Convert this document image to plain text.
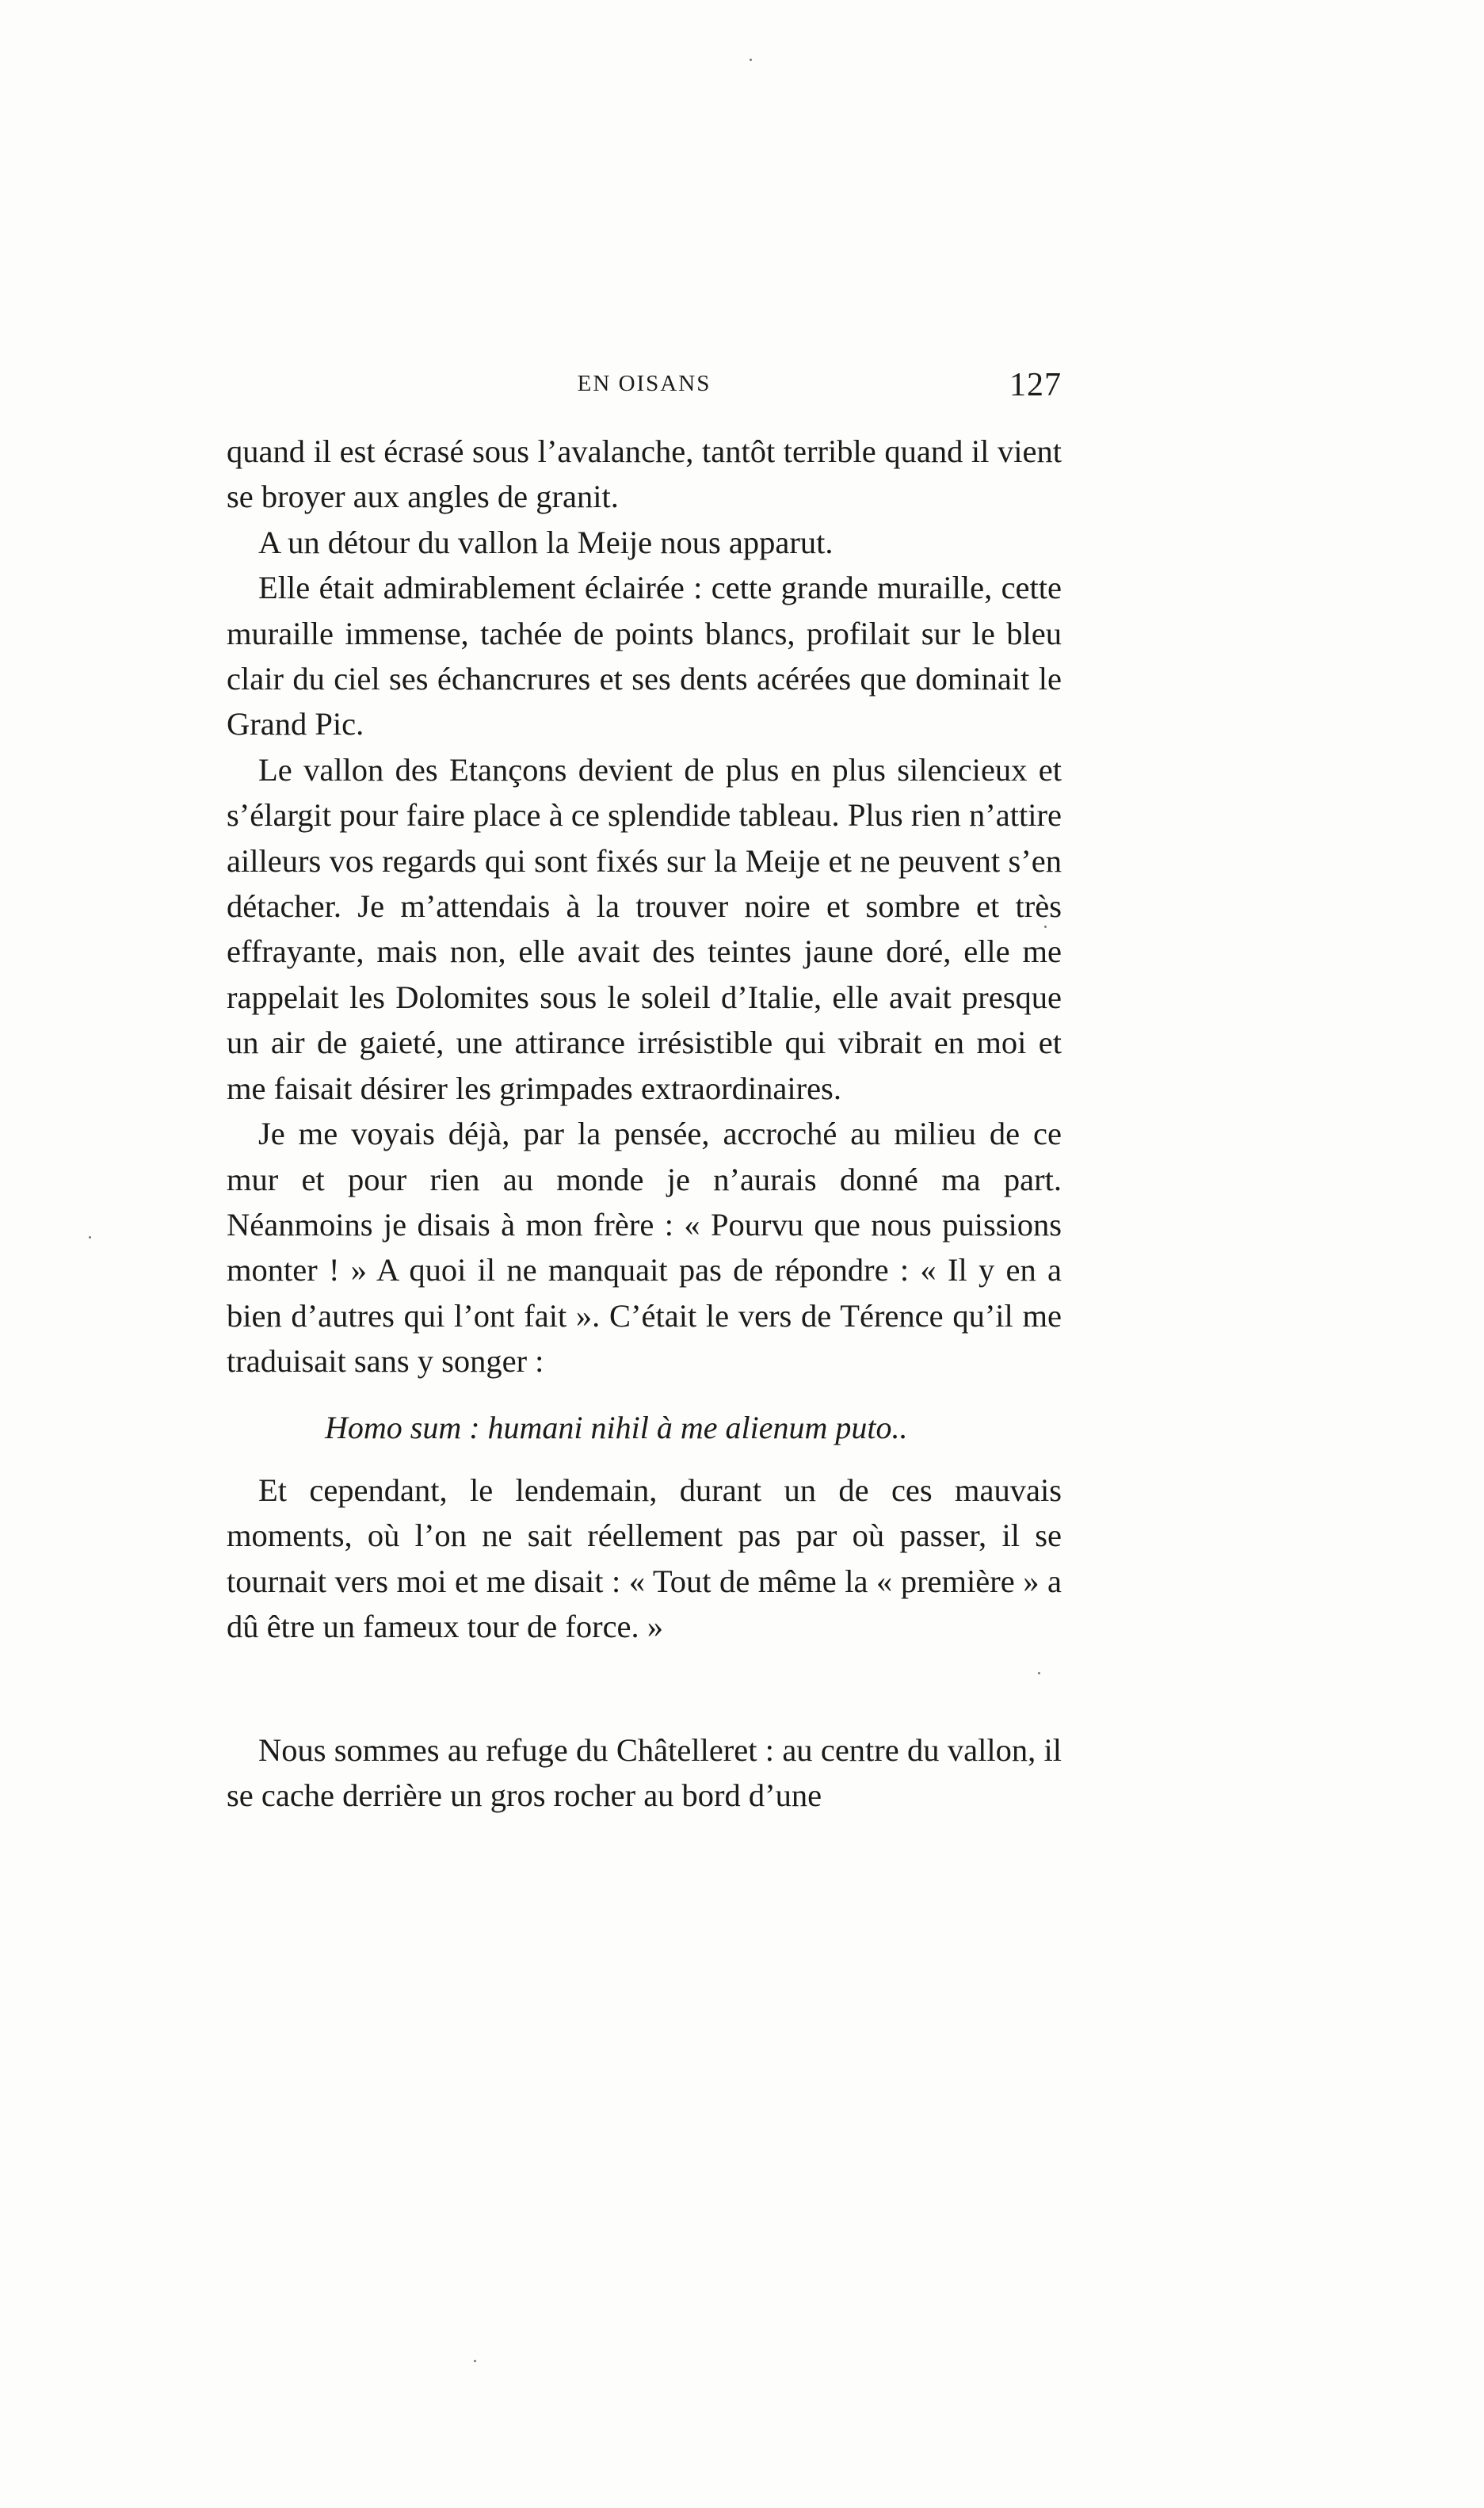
EN OISANS	127

quand il est écrasé sous l’avalanche, tantôt terrible quand il vient se broyer aux angles de granit.

A un détour du vallon la Meije nous apparut.

Elle était admirablement éclairée : cette grande muraille, cette muraille immense, tachée de points blancs, profilait sur le bleu clair du ciel ses échancrures et ses dents acérées que dominait le Grand Pic.

Le vallon des Etançons devient de plus en plus silencieux et s’élargit pour faire place à ce splendide tableau. Plus rien n’attire ailleurs vos regards qui sont fixés sur la Meije et ne peuvent s’en détacher. Je m’attendais à la trouver noire et sombre et très effrayante, mais non, elle avait des teintes jaune doré, elle me rappelait les Dolomites sous le soleil d’Italie, elle avait presque un air de gaieté, une attirance irrésistible qui vibrait en moi et me faisait désirer les grimpades extraordinaires.

Je me voyais déjà, par la pensée, accroché au milieu de ce mur et pour rien au monde je n’aurais donné ma part. Néanmoins je disais à mon frère : « Pourvu que nous puissions monter ! » A quoi il ne manquait pas de répondre : « Il y en a bien d’autres qui l’ont fait ». C’était le vers de Térence qu’il me traduisait sans y songer :

Homo sum : humani nihil à me alienum puto..

Et cependant, le lendemain, durant un de ces mauvais moments, où l’on ne sait réellement pas par où passer, il se tournait vers moi et me disait : « Tout de même la « première » a dû être un fameux tour de force. »

Nous sommes au refuge du Châtelleret : au centre du vallon, il se cache derrière un gros rocher au bord d’une
